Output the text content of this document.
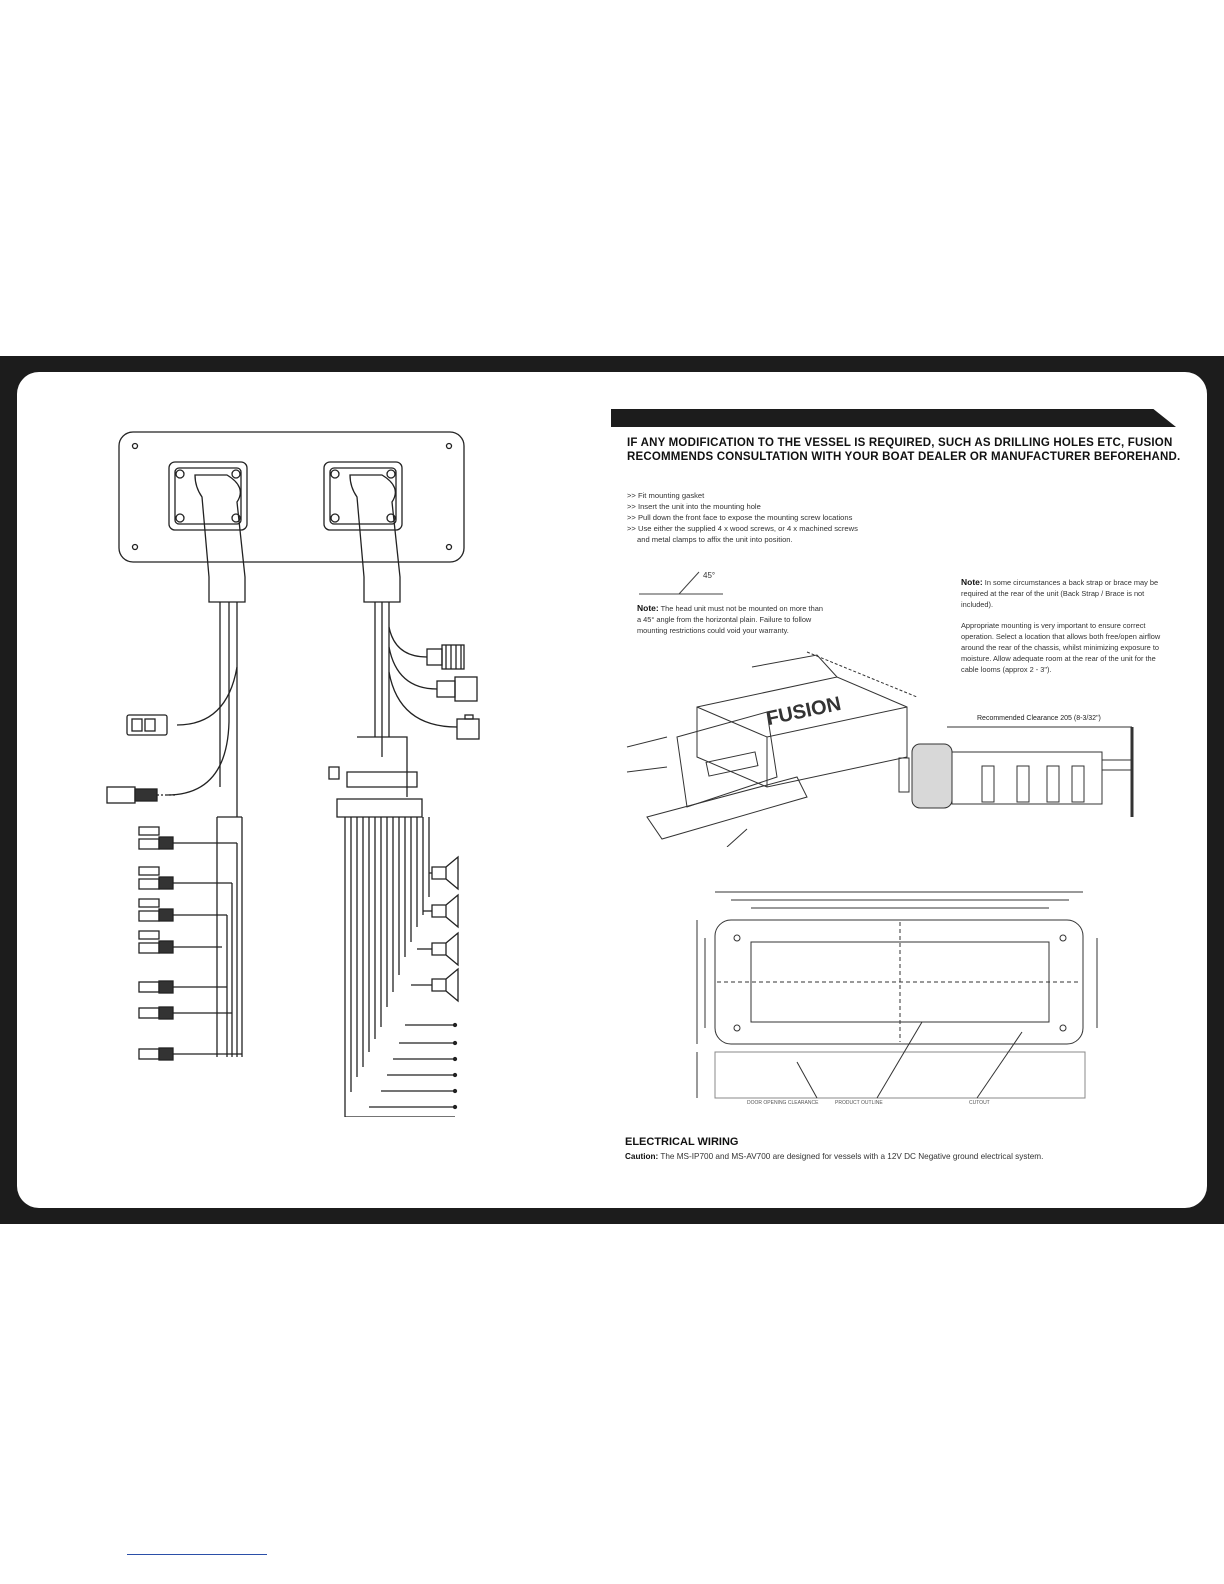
IF ANY MODIFICATION TO THE VESSEL IS REQUIRED, SUCH AS DRILLING HOLES ETC, FUSION RECOMMENDS CONSULTATION WITH YOUR BOAT DEALER OR MANUFACTURER BEFOREHAND.
>> Fit mounting gasket
>> Insert the unit into the mounting hole
>> Pull down the front face to expose the mounting screw locations
>> Use either the supplied 4 x wood screws, or 4 x machined screws
and metal clamps to affix the unit into position.
45°
Note: The head unit must not be mounted on more than a 45° angle from the horizontal plain. Failure to follow mounting restrictions could void your warranty.
Note: In some circumstances a back strap or brace may be required at the rear of the unit (Back Strap / Brace is not included).
Appropriate mounting is very important to ensure correct operation. Select a location that allows both free/open airflow around the rear of the chassis, whilst minimizing exposure to moisture. Allow adequate room at the rear of the unit for the cable looms (approx 2 - 3").
FUSION	Recommended Clearance 205 (8-3/32")
DOOR OPENING CLEARANCE	PRODUCT OUTLINE	CUTOUT
ELECTRICAL WIRING
Caution: The MS-IP700 and MS-AV700 are designed for vessels with a 12V DC Negative ground electrical system.
